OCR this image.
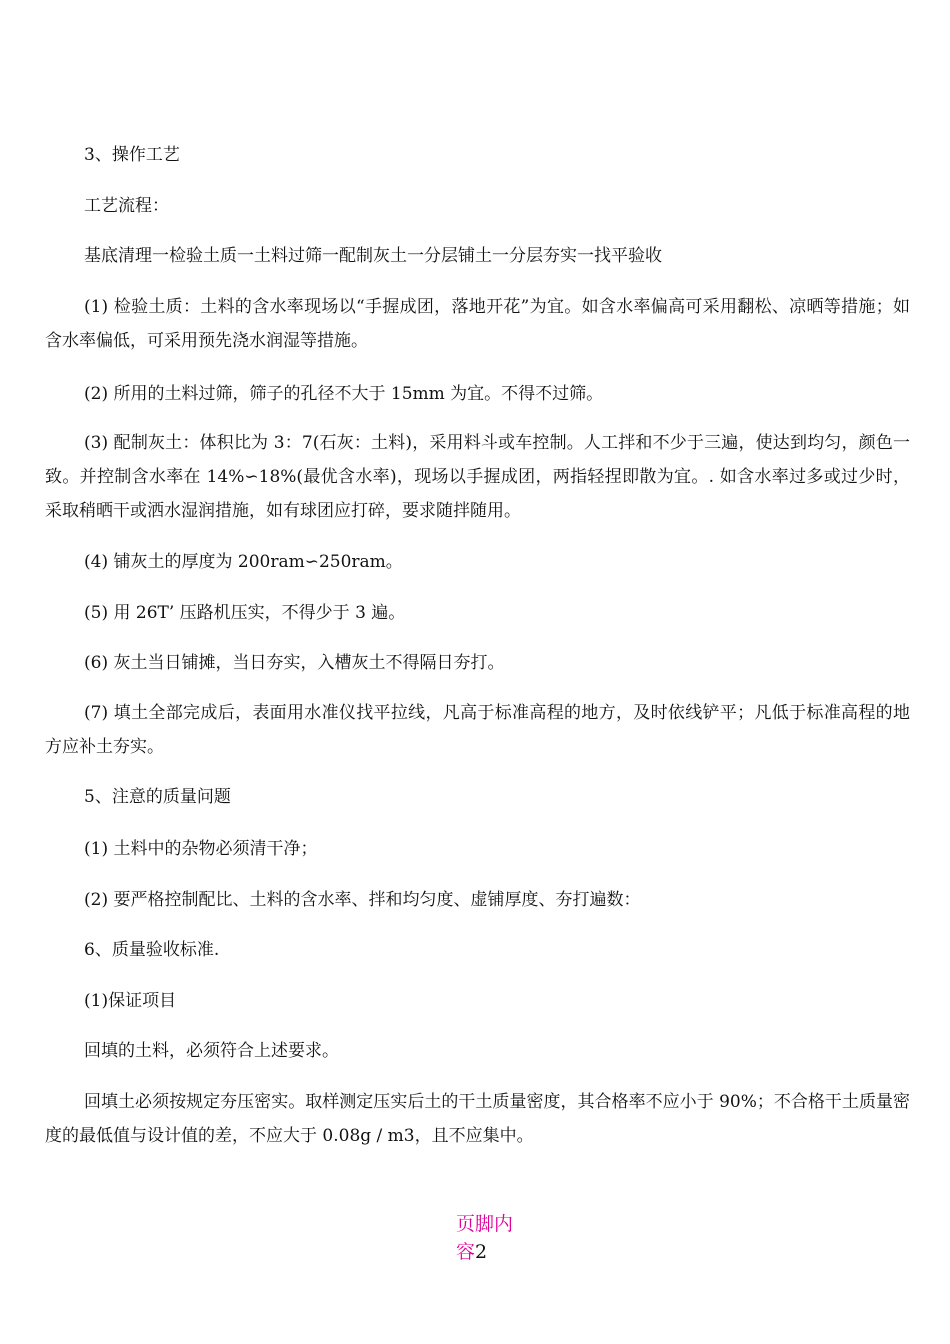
3、操作工艺

工艺流程：

基底清理一检验土质一土料过筛一配制灰土一分层铺土一分层夯实一找平验收

(1) 检验土质：土料的含水率现场以“手握成团，落地开花”为宜。如含水率偏高可采用翻松、凉晒等措施；如含水率偏低，可采用预先浇水润湿等措施。

(2) 所用的土料过筛，筛子的孔径不大于 15mm 为宜。不得不过筛。

(3) 配制灰土：体积比为 3：7(石灰：土料)，采用料斗或车控制。人工拌和不少于三遍，使达到均匀，颜色一致。并控制含水率在 14%∽18%(最优含水率)，现场以手握成团，两指轻捏即散为宜。. 如含水率过多或过少时，采取稍晒干或洒水湿润措施，如有球团应打碎，要求随拌随用。

(4) 铺灰土的厚度为 200ram∽250ram。

(5) 用 26T’ 压路机压实，不得少于 3 遍。

(6) 灰土当日铺摊，当日夯实，入槽灰土不得隔日夯打。

(7) 填土全部完成后，表面用水准仪找平拉线，凡高于标准高程的地方，及时依线铲平；凡低于标准高程的地方应补土夯实。

5、注意的质量问题

(1) 土料中的杂物必须清干净；

(2) 要严格控制配比、土料的含水率、拌和均匀度、虚铺厚度、夯打遍数：

6、质量验收标准.

(1)保证项目

回填的土料，必须符合上述要求。

回填土必须按规定夯压密实。取样测定压实后土的干土质量密度，其合格率不应小于 90%；不合格干土质量密度的最低值与设计值的差，不应大于 0.08g / m3，且不应集中。

页脚内容2
